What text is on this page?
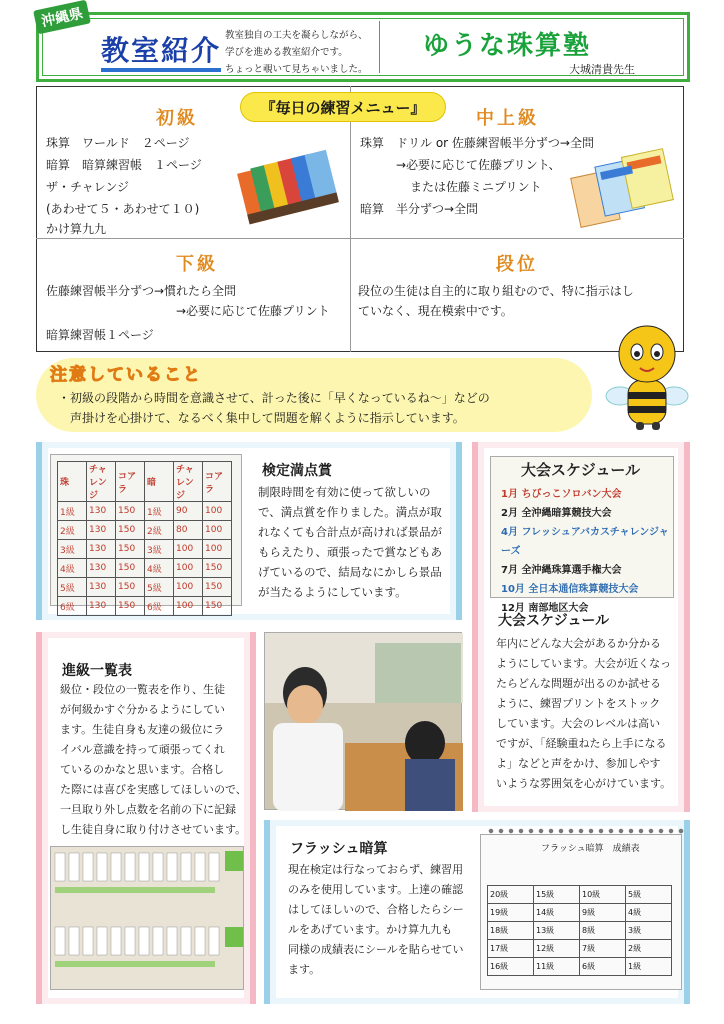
沖縄県
教室紹介 教室独自の工夫を凝らしながら、
学びを進める教室紹介です。
ちょっと覗いて見ちゃいました。
ゆうな珠算塾
大城清貴先生
『毎日の練習メニュー』
初級
珠算　ワールド　２ページ
暗算　暗算練習帳　１ページ
ザ・チャレンジ
(あわせて５・あわせて１０)
かけ算九九
中上級
珠算　ドリル or 佐藤練習帳半分ずつ→全問
→必要に応じて佐藤プリント、
または佐藤ミニプリント
暗算　半分ずつ→全問
下級
佐藤練習帳半分ずつ→慣れたら全問
→必要に応じて佐藤プリント
暗算練習帳１ページ
段位
段位の生徒は自主的に取り組むので、特に指示はし
ていなく、現在模索中です。
注意していること
・初級の段階から時間を意識させて、計った後に「早くなっているね～」などの
声掛けを心掛けて、なるべく集中して問題を解くように指示しています。
珠	チャレンジ	コアラ	暗	チャレンジ	コアラ
1級	130	150	1級	90	100
2級	130	150	2級	80	100
3級	130	150	3級	100	100
4級	130	150	4級	100	150
5級	130	150	5級	100	150
6級	130	150	6級	100	150
検定満点賞
制限時間を有効に使って欲しいの
で、満点賞を作りました。満点が取
れなくても合計点が高ければ景品が
もらえたり、頑張ったで賞などもあ
げているので、結局なにかしら景品
が当たるようにしています。
大会スケジュール
1月 ちびっこソロバン大会
2月 全沖縄暗算競技大会
4月 フレッシュアバカスチャレンジャーズ
7月 全沖縄珠算選手権大会
10月 全日本通信珠算競技大会
12月 南部地区大会
大会スケジュール
年内にどんな大会があるか分かる
ようにしています。大会が近くなっ
たらどんな問題が出るのか試せる
ように、練習プリントをストック
しています。大会のレベルは高い
ですが、「経験重ねたら上手になる
よ」などと声をかけ、参加しやす
いような雰囲気を心がけています。
進級一覧表
級位・段位の一覧表を作り、生徒
が何級かすぐ分かるようにしてい
ます。生徒自身も友達の級位にラ
イバル意識を持って頑張ってくれ
ているのかなと思います。合格し
た際には喜びを実感してほしいので、
一旦取り外し点数を名前の下に記録
し生徒自身に取り付けさせています。
フラッシュ暗算
現在検定は行なっておらず、練習用
のみを使用しています。上達の確認
はしてほしいので、合格したらシー
ルをあげています。かけ算九九も
同様の成績表にシールを貼らせてい
ます。
フラッシュ暗算　成績表
20級	15級	10級	5級
19級	14級	9級	4級
18級	13級	8級	3級
17級	12級	7級	2級
16級	11級	6級	1級
